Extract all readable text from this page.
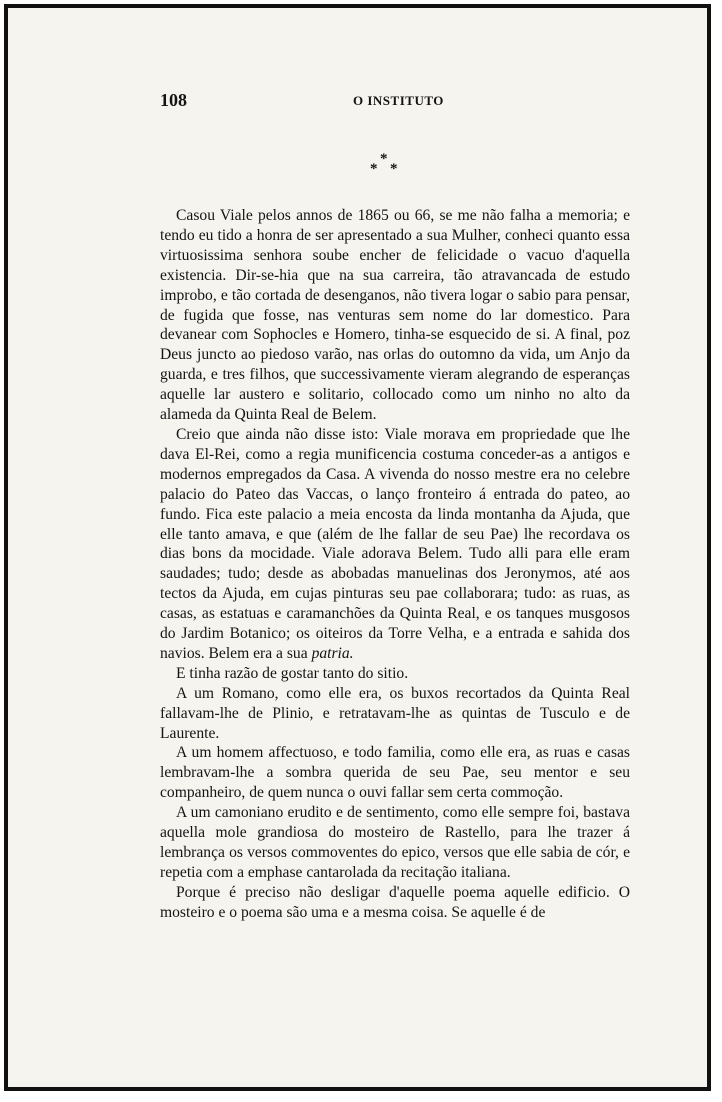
108	O INSTITUTO
*
* *

Casou Viale pelos annos de 1865 ou 66, se me não falha a memoria; e tendo eu tido a honra de ser apresentado a sua Mulher, conheci quanto essa virtuosissima senhora soube encher de felicidade o vacuo d'aquella existencia. Dir-se-hia que na sua carreira, tão atravancada de estudo improbo, e tão cortada de desenganos, não tivera logar o sabio para pensar, de fugida que fosse, nas venturas sem nome do lar domestico. Para devanear com Sophocles e Homero, tinha-se esquecido de si. A final, poz Deus juncto ao piedoso varão, nas orlas do outomno da vida, um Anjo da guarda, e tres filhos, que successivamente vieram alegrando de esperanças aquelle lar austero e solitario, collocado como um ninho no alto da alameda da Quinta Real de Belem.

Creio que ainda não disse isto: Viale morava em propriedade que lhe dava El-Rei, como a regia munificencia costuma conceder-as a antigos e modernos empregados da Casa. A vivenda do nosso mestre era no celebre palacio do Pateo das Vaccas, o lanço fronteiro á entrada do pateo, ao fundo. Fica este palacio a meia encosta da linda montanha da Ajuda, que elle tanto amava, e que (além de lhe fallar de seu Pae) lhe recordava os dias bons da mocidade. Viale adorava Belem. Tudo alli para elle eram saudades; tudo; desde as abobadas manuelinas dos Jeronymos, até aos tectos da Ajuda, em cujas pinturas seu pae collaborara; tudo: as ruas, as casas, as estatuas e caramanchões da Quinta Real, e os tanques musgosos do Jardim Botanico; os oiteiros da Torre Velha, e a entrada e sahida dos navios. Belem era a sua patria.

E tinha razão de gostar tanto do sitio.

A um Romano, como elle era, os buxos recortados da Quinta Real fallavam-lhe de Plinio, e retratavam-lhe as quintas de Tusculo e de Laurente.

A um homem affectuoso, e todo familia, como elle era, as ruas e casas lembravam-lhe a sombra querida de seu Pae, seu mentor e seu companheiro, de quem nunca o ouvi fallar sem certa commoção.

A um camoniano erudito e de sentimento, como elle sempre foi, bastava aquella mole grandiosa do mosteiro de Rastello, para lhe trazer á lembrança os versos commoventes do epico, versos que elle sabia de cór, e repetia com a emphase cantarolada da recitação italiana.

Porque é preciso não desligar d'aquelle poema aquelle edificio. O mosteiro e o poema são uma e a mesma coisa. Se aquelle é de
